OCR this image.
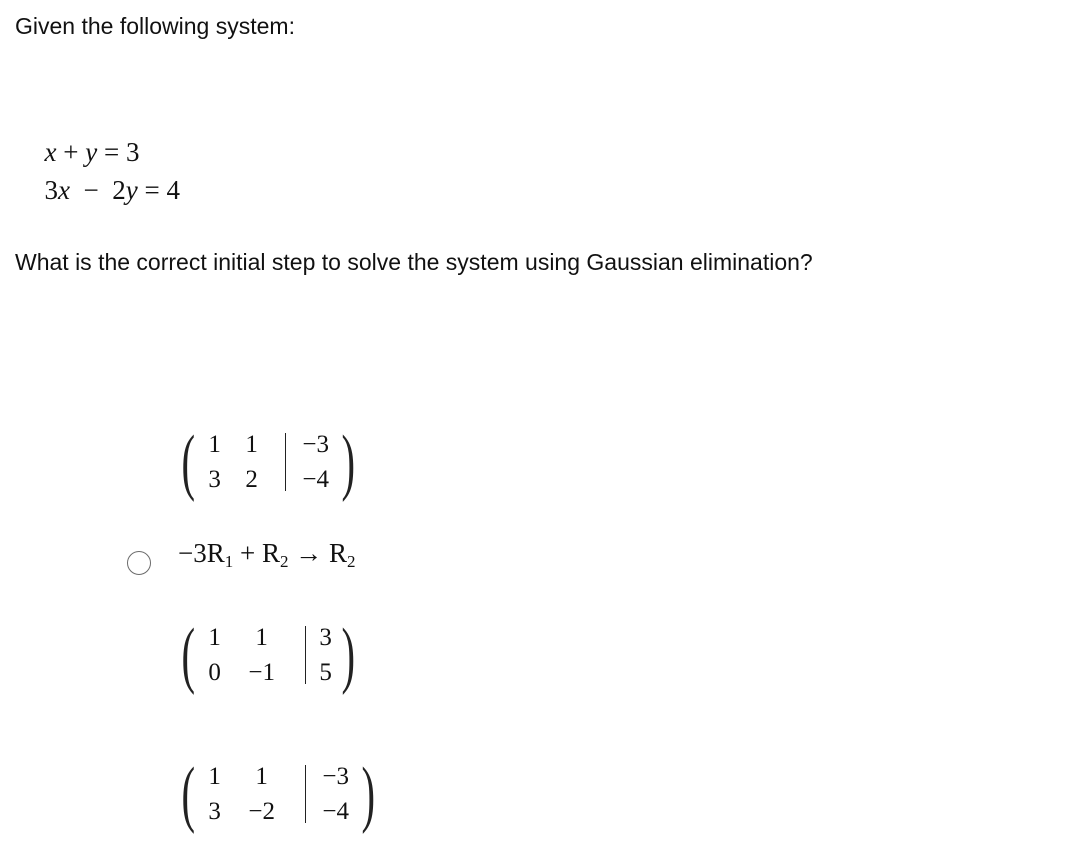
Given the following system:

x + y = 3

3x − 2y = 4

What is the correct initial step to solve the system using Gaussian elimination?
( 1
3
1
2
−3
−4 )
$-3R_1 + R_2 \to R_2$
( 1
0
1
−1
3
5 )
( 1
3
1
−2
−3
−4 )
